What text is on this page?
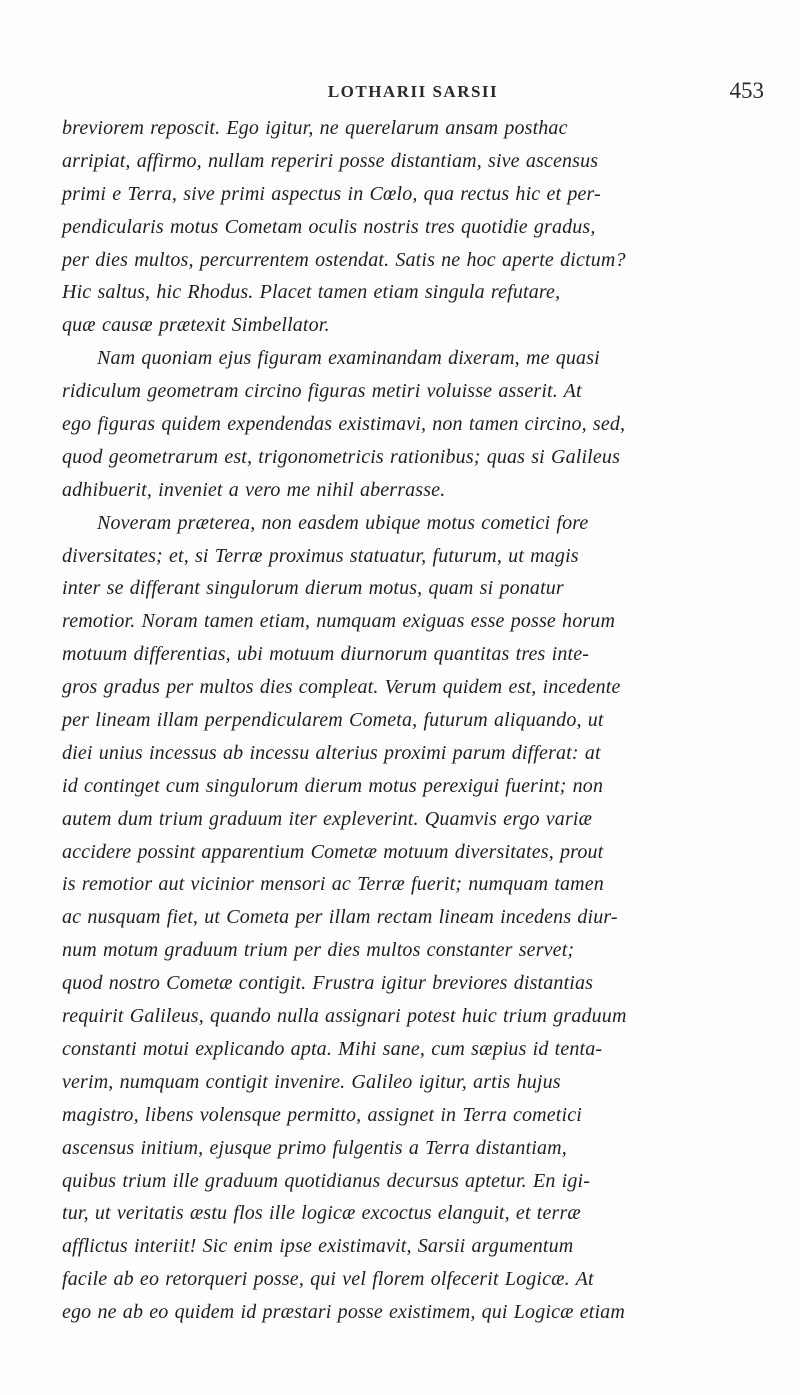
LOTHARII SARSII	453
breviorem reposcit. Ego igitur, ne querelarum ansam posthac
arripiat, affirmo, nullam reperiri posse distantiam, sive ascensus
primi e Terra, sive primi aspectus in Cœlo, qua rectus hic et per-
pendicularis motus Cometam oculis nostris tres quotidie gradus,
per dies multos, percurrentem ostendat. Satis ne hoc aperte dictum?
Hic saltus, hic Rhodus. Placet tamen etiam singula refutare,
quæ causæ prætexit Simbellator.
Nam quoniam ejus figuram examinandam dixeram, me quasi
ridiculum geometram circino figuras metiri voluisse asserit. At
ego figuras quidem expendendas existimavi, non tamen circino, sed,
quod geometrarum est, trigonometricis rationibus; quas si Galileus
adhibuerit, inveniet a vero me nihil aberrasse.
Noveram præterea, non easdem ubique motus cometici fore
diversitates; et, si Terræ proximus statuatur, futurum, ut magis
inter se differant singulorum dierum motus, quam si ponatur
remotior. Noram tamen etiam, numquam exiguas esse posse horum
motuum differentias, ubi motuum diurnorum quantitas tres inte-
gros gradus per multos dies compleat. Verum quidem est, incedente
per lineam illam perpendicularem Cometa, futurum aliquando, ut
diei unius incessus ab incessu alterius proximi parum differat: at
id continget cum singulorum dierum motus perexigui fuerint; non
autem dum trium graduum iter expleverint. Quamvis ergo variæ
accidere possint apparentium Cometæ motuum diversitates, prout
is remotior aut vicinior mensori ac Terræ fuerit; numquam tamen
ac nusquam fiet, ut Cometa per illam rectam lineam incedens diur-
num motum graduum trium per dies multos constanter servet;
quod nostro Cometæ contigit. Frustra igitur breviores distantias
requirit Galileus, quando nulla assignari potest huic trium graduum
constanti motui explicando apta. Mihi sane, cum sæpius id tenta-
verim, numquam contigit invenire. Galileo igitur, artis hujus
magistro, libens volensque permitto, assignet in Terra cometici
ascensus initium, ejusque primo fulgentis a Terra distantiam,
quibus trium ille graduum quotidianus decursus aptetur. En igi-
tur, ut veritatis æstu flos ille logicæ excoctus elanguit, et terræ
afflictus interiit! Sic enim ipse existimavit, Sarsii argumentum
facile ab eo retorqueri posse, qui vel florem olfecerit Logicæ. At
ego ne ab eo quidem id præstari posse existimem, qui Logicæ etiam
